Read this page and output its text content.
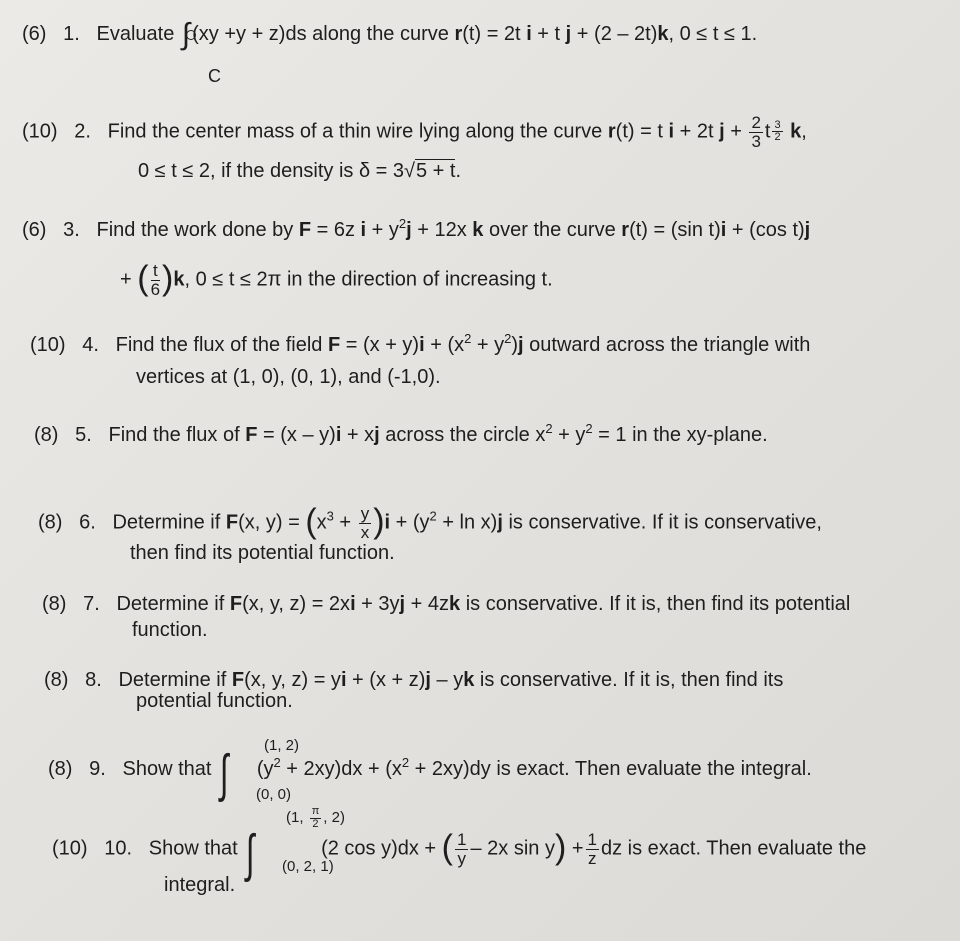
(6) 1. Evaluate ∫ (xy +y + z)ds along the curve r(t) = 2t i + t j + (2 – 2t)k, 0 ≤ t ≤ 1.
C
(10) 2. Find the center mass of a thin wire lying along the curve r(t) = t i + 2t $j + \frac{2}{3}$ t $\frac{3}{2} k$,
0 ≤ t ≤ 2, if the density is δ = 3√5 + t.
(6) 3. Find the work done by F = 6z $i + y^2j + 12x$ k over the curve r(t) = (sin t)i + (cos t)j
+ ( $\frac{t}{6} )k$, 0 ≤ t ≤ 2π in the direction of increasing t.
(10) 4. Find the flux of the field $F = (x + y)i + (x^2 + y^2)j$ outward across the triangle with
vertices at (1, 0), (0, 1), and (-1,0).
(8) 5. Find the flux of F = (x – y)i + xj across the circle $x^2 + y^2 = 1$ in the xy-plane.
(8) 6. Determine if F(x, $y) = (x^3 + \frac{y}{x} )i + (y^2 + \ln x)j$ is conservative. If it is conservative,
then find its potential function.
(8) 7. Determine if F(x, y, z) = 2xi + 3yj + 4zk is conservative. If it is, then find its potential
function.
(8) 8. Determine if F(x, y, z) = yi + (x + z)j – yk is conservative. If it is, then find its
potential function.
(8) 9. Show that ∫ $(y^2 + 2xy)dx + (x^2 + 2xy)dy$ is exact. Then evaluate the integral.
(1, 2)
(0, 0)
(10) 10. Show that ∫	(2 cos y)dx + ( $\frac{1}{y} - 2x$ $\sin y) + \frac{1}{z}$ dz is exact. Then evaluate the
(1, $\frac{\pi}{2}$ , 2)
(0, 2, 1)
integral.
